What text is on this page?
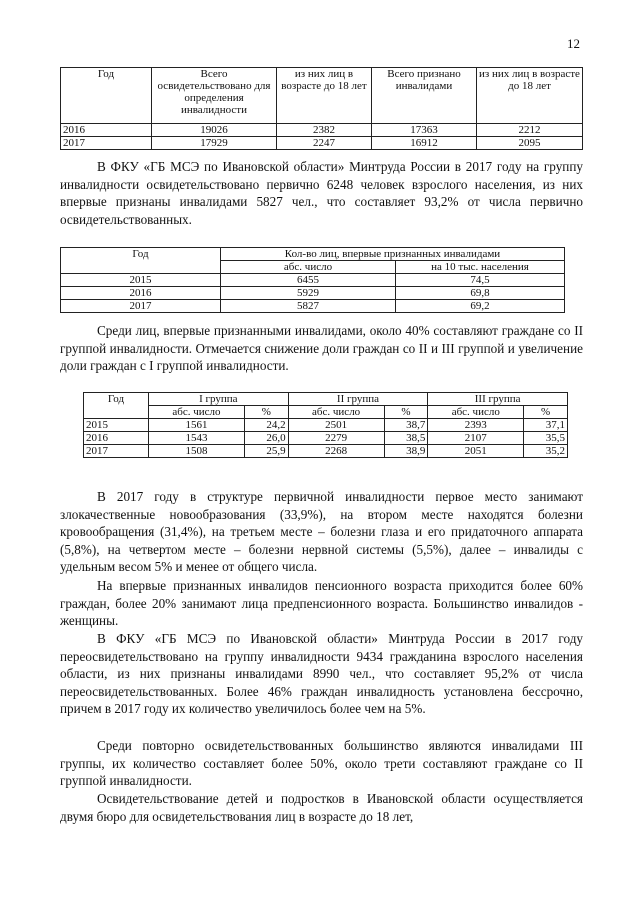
12
Год	Всего освидетельствовано для определения инвалидности	из них лиц в возрасте до 18 лет	Всего признано инвалидами	из них лиц в возрасте до 18 лет
2016	19026	2382	17363	2212
2017	17929	2247	16912	2095

В ФКУ «ГБ МСЭ по Ивановской области» Минтруда России в 2017 году на группу инвалидности освидетельствовано первично 6248 человек взрослого населения, из них впервые признаны инвалидами 5827 чел., что составляет 93,2% от числа первично освидетельствованных.

Год	Кол-во лиц, впервые признанных инвалидами	
	абс. число	на 10 тыс. населения
2015	6455	74,5
2016	5929	69,8
2017	5827	69,2

Среди лиц, впервые признанными инвалидами, около 40% составляют граждане со II группой инвалидности. Отмечается снижение доли граждан со II и III группой и увеличение доли граждан с I группой инвалидности.

Год	I группа		II группа		III группа	
	абс. число	%	абс. число	%	абс. число	%
2015	1561	24,2	2501	38,7	2393	37,1
2016	1543	26,0	2279	38,5	2107	35,5
2017	1508	25,9	2268	38,9	2051	35,2

В 2017 году в структуре первичной инвалидности первое место занимают злокачественные новообразования (33,9%), на втором месте находятся болезни кровообращения (31,4%), на третьем месте – болезни глаза и его придаточного аппарата (5,8%), на четвертом месте – болезни нервной системы (5,5%), далее – инвалиды с удельным весом 5% и менее от общего числа.

На впервые признанных инвалидов пенсионного возраста приходится более 60% граждан, более 20% занимают лица предпенсионного возраста. Большинство инвалидов - женщины.

В ФКУ «ГБ МСЭ по Ивановской области» Минтруда России в 2017 году переосвидетельствовано на группу инвалидности 9434 гражданина взрослого населения области, из них признаны инвалидами 8990 чел., что составляет 95,2% от числа переосвидетельствованных. Более 46% граждан инвалидность установлена бессрочно, причем в 2017 году их количество увеличилось более чем на 5%.

Среди повторно освидетельствованных большинство являются инвалидами III группы, их количество составляет более 50%, около трети составляют граждане со II группой инвалидности.

Освидетельствование детей и подростков в Ивановской области осуществляется двумя бюро для освидетельствования лиц в возрасте до 18 лет,
